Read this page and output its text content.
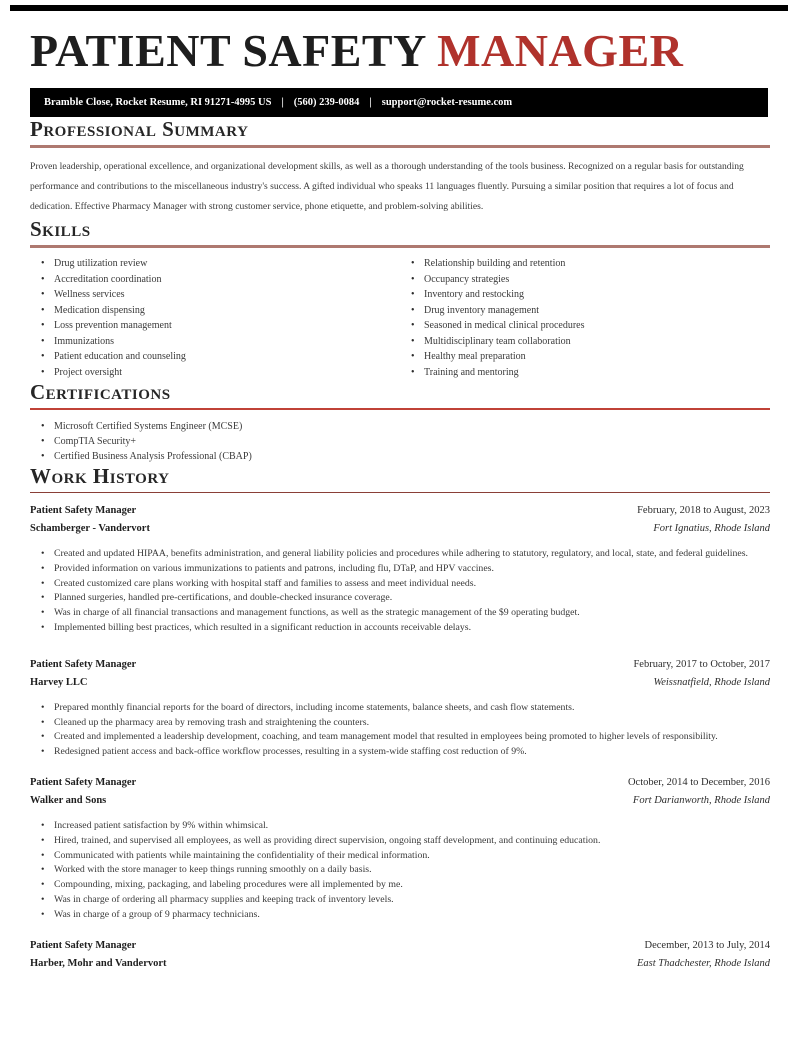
PATIENT SAFETY MANAGER
Bramble Close, Rocket Resume, RI 91271-4995 US | (560) 239-0084 | support@rocket-resume.com
Professional Summary

Proven leadership, operational excellence, and organizational development skills, as well as a thorough understanding of the tools business. Recognized on a regular basis for outstanding performance and contributions to the miscellaneous industry's success. A gifted individual who speaks 11 languages fluently. Pursuing a similar position that requires a lot of focus and dedication. Effective Pharmacy Manager with strong customer service, phone etiquette, and problem-solving abilities.

Skills
• Drug utilization review
• Accreditation coordination
• Wellness services
• Medication dispensing
• Loss prevention management
• Immunizations
• Patient education and counseling
• Project oversight
• Relationship building and retention
• Occupancy strategies
• Inventory and restocking
• Drug inventory management
• Seasoned in medical clinical procedures
• Multidisciplinary team collaboration
• Healthy meal preparation
• Training and mentoring
Certifications
• Microsoft Certified Systems Engineer (MCSE)
• CompTIA Security+
• Certified Business Analysis Professional (CBAP)
Work History
Patient Safety Manager	February, 2018 to August, 2023
Schamberger - Vandervort	Fort Ignatius, Rhode Island
• Created and updated HIPAA, benefits administration, and general liability policies and procedures while adhering to statutory, regulatory, and local, state, and federal guidelines.
• Provided information on various immunizations to patients and patrons, including flu, DTaP, and HPV vaccines.
• Created customized care plans working with hospital staff and families to assess and meet individual needs.
• Planned surgeries, handled pre-certifications, and double-checked insurance coverage.
• Was in charge of all financial transactions and management functions, as well as the strategic management of the $9 operating budget.
• Implemented billing best practices, which resulted in a significant reduction in accounts receivable delays.
Patient Safety Manager	February, 2017 to October, 2017
Harvey LLC	Weissnatfield, Rhode Island
• Prepared monthly financial reports for the board of directors, including income statements, balance sheets, and cash flow statements.
• Cleaned up the pharmacy area by removing trash and straightening the counters.
• Created and implemented a leadership development, coaching, and team management model that resulted in employees being promoted to higher levels of responsibility.
• Redesigned patient access and back-office workflow processes, resulting in a system-wide staffing cost reduction of 9%.
Patient Safety Manager	October, 2014 to December, 2016
Walker and Sons	Fort Darianworth, Rhode Island
• Increased patient satisfaction by 9% within whimsical.
• Hired, trained, and supervised all employees, as well as providing direct supervision, ongoing staff development, and continuing education.
• Communicated with patients while maintaining the confidentiality of their medical information.
• Worked with the store manager to keep things running smoothly on a daily basis.
• Compounding, mixing, packaging, and labeling procedures were all implemented by me.
• Was in charge of ordering all pharmacy supplies and keeping track of inventory levels.
• Was in charge of a group of 9 pharmacy technicians.
Patient Safety Manager	December, 2013 to July, 2014
Harber, Mohr and Vandervort	East Thadchester, Rhode Island
